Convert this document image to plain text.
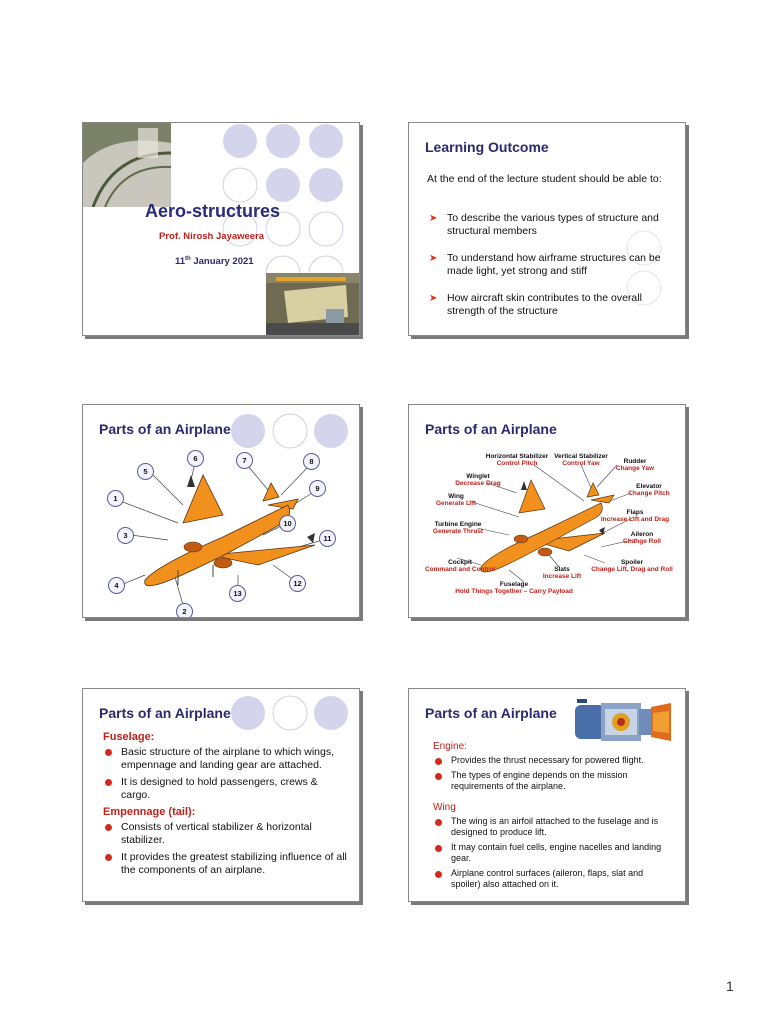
Aero-structures
Prof. Nirosh Jayaweera
11th January 2021
Learning Outcome
At the end of the lecture student should be able to:
➤ To describe the various types of structure and structural members
➤ To understand how airframe structures can be made light, yet strong and stiff
➤ How aircraft skin contributes to the overall strength of the structure
Parts of an Airplane
1
2
3
4
5
6	7	8
9
10
11
12
13
Parts of an Airplane
Horizontal Stabilizer
Control Pitch
Vertical Stabilizer
Control Yaw	Rudder
Change Yaw
Winglet
Decrease Drag	Elevator
Change Pitch
Wing
Generate Lift
Flaps
Increase Lift and Drag
Turbine Engine
Generate Thrust	Aileron
Change Roll
Cockpit
Command and Control	Slats
Increase Lift
Spoiler
Change Lift, Drag and Roll
Fuselage
Hold Things Together – Carry Payload
Parts of an Airplane
Fuselage:
Basic structure of the airplane to which wings, empennage and landing gear are attached.
It is designed to hold passengers, crews & cargo.
Empennage (tail):
Consists of vertical stabilizer & horizontal stabilizer.
It provides the greatest stabilizing influence of all the components of an airplane.
Parts of an Airplane
Engine:
Provides the thrust necessary for powered flight.
The types of engine depends on the mission requirements of the airplane.
Wing
The wing is an airfoil attached to the fuselage and is designed to produce lift.
It may contain fuel cells, engine nacelles and landing gear.
Airplane control surfaces (aileron, flaps, slat and spoiler) also attached on it.
1
